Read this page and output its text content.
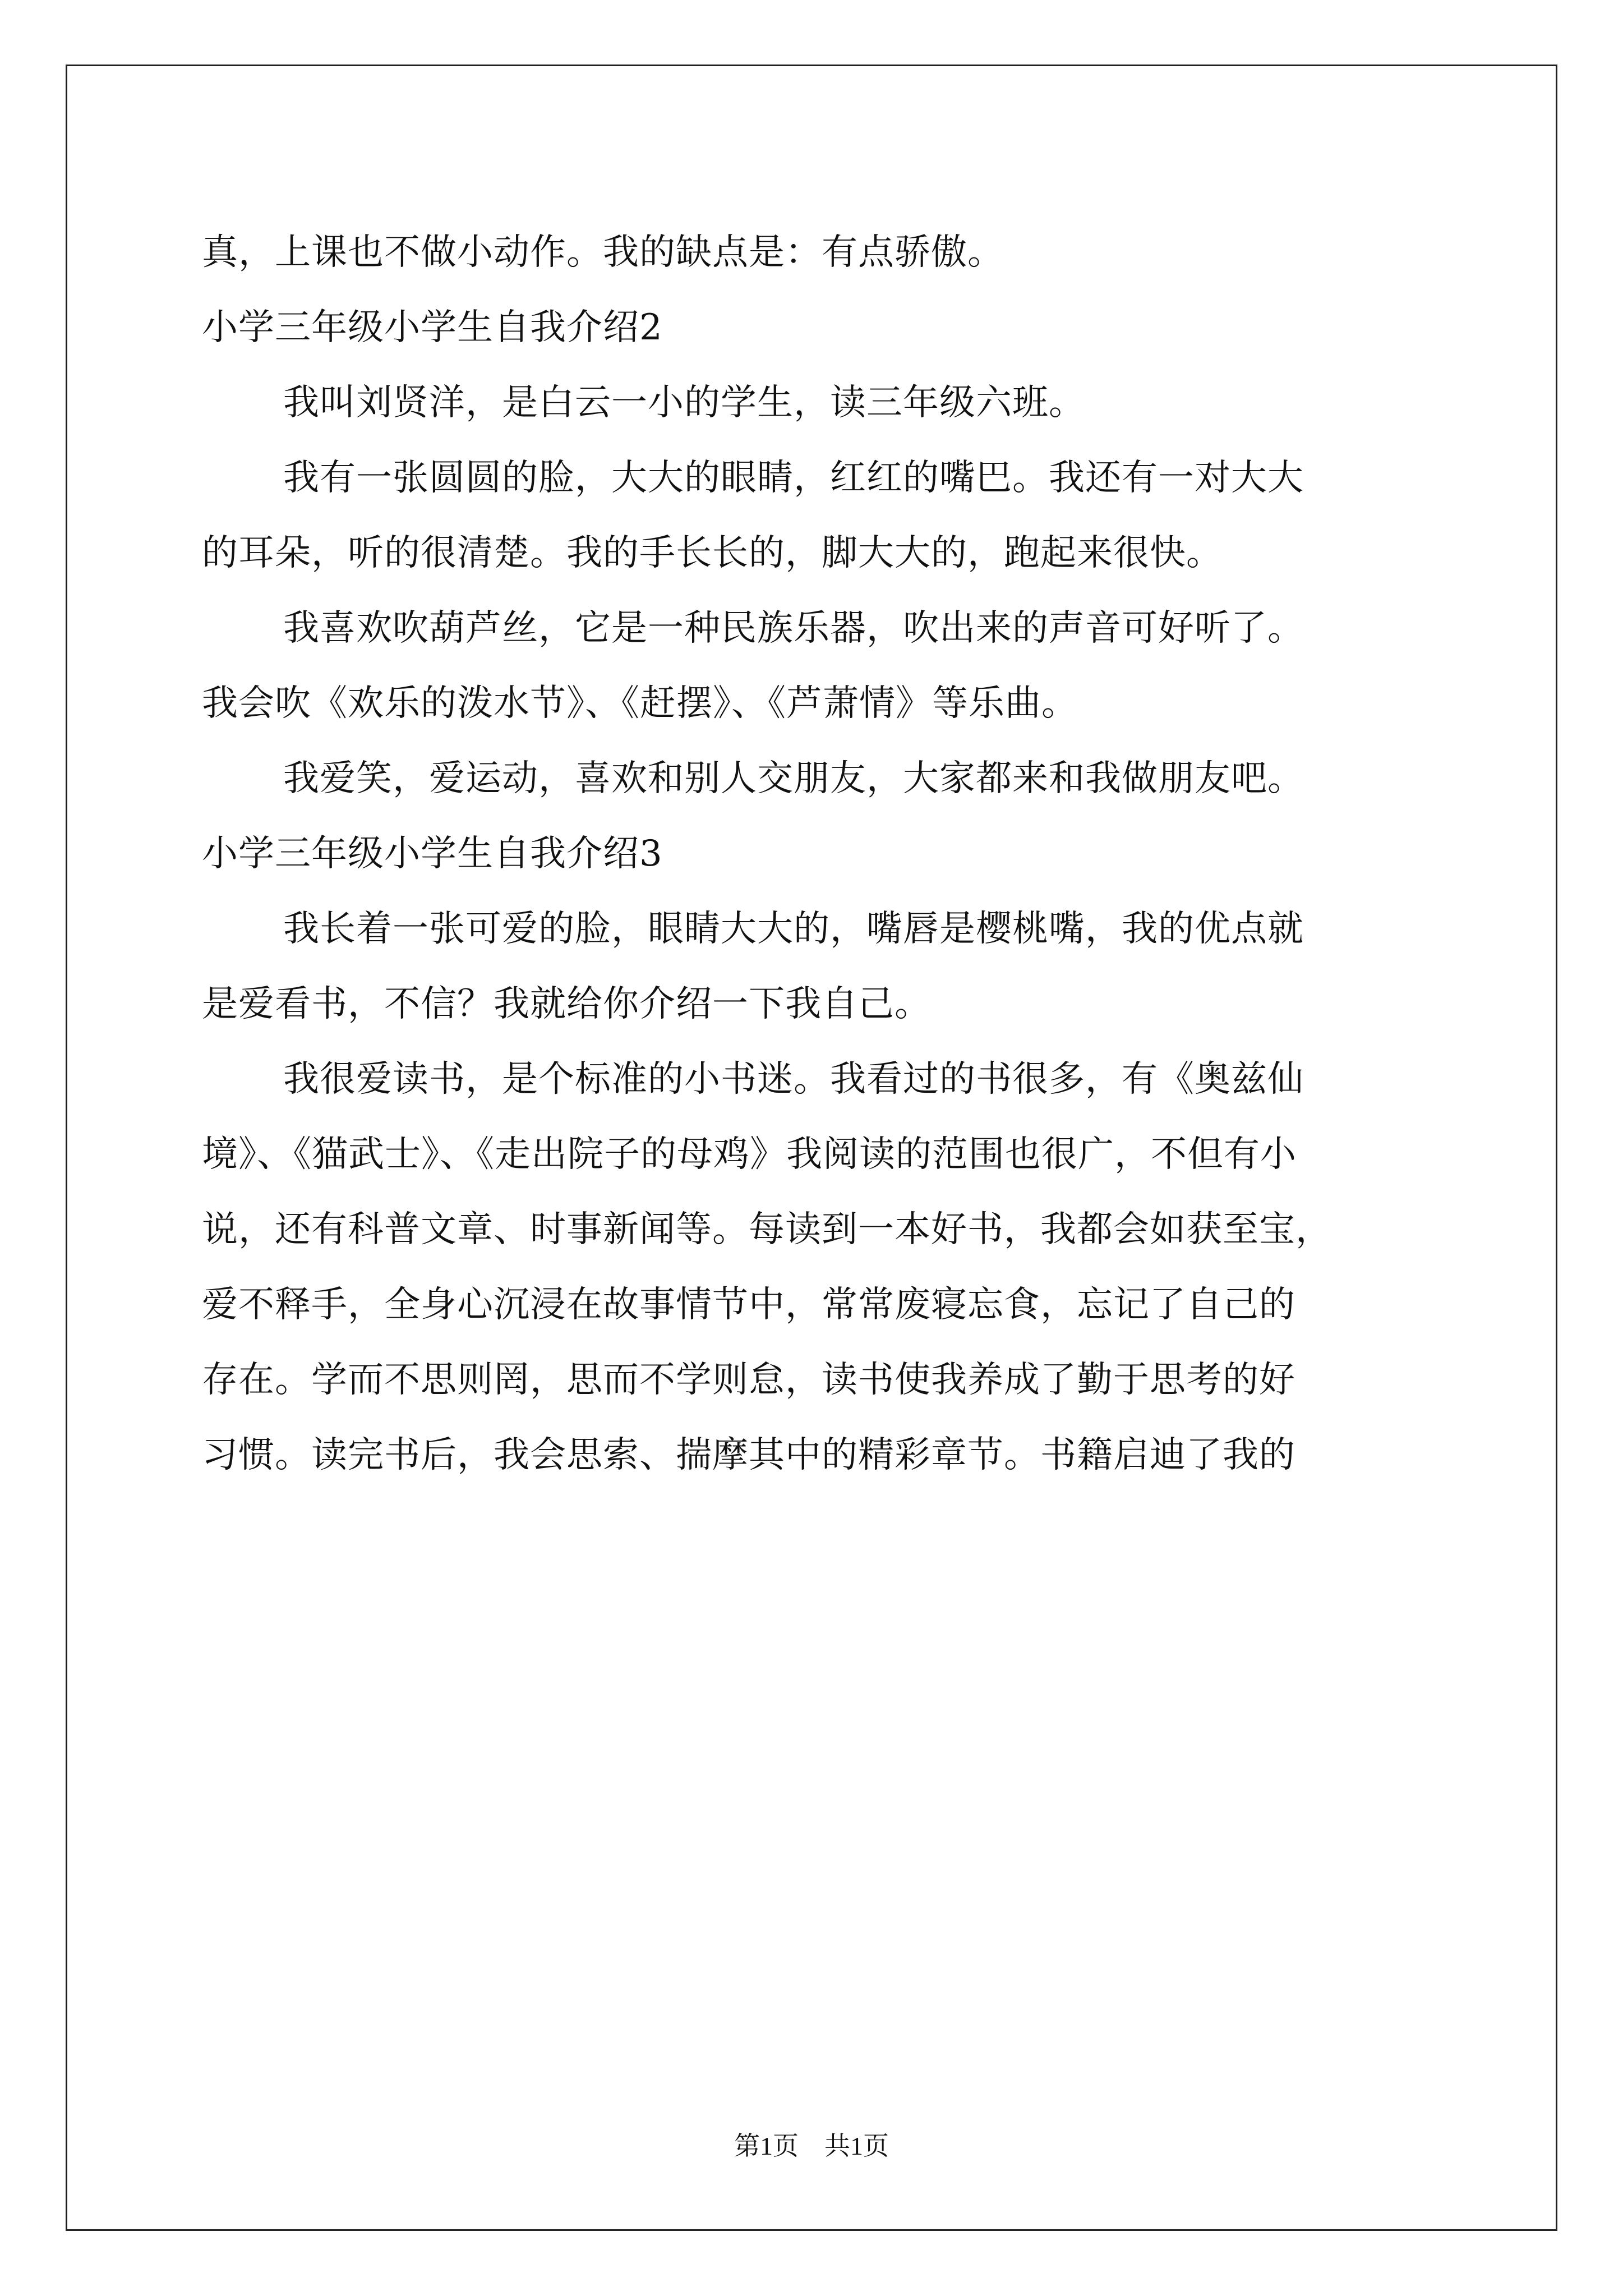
真，上课也不做小动作。我的缺点是：有点骄傲。
小学三年级小学生自我介绍2
我叫刘贤洋，是白云一小的学生，读三年级六班。
我有一张圆圆的脸，大大的眼睛，红红的嘴巴。我还有一对大大
的耳朵，听的很清楚。我的手长长的，脚大大的，跑起来很快。
我喜欢吹葫芦丝，它是一种民族乐器，吹出来的声音可好听了。
我会吹《欢乐的泼水节》、《赶摆》、《芦萧情》等乐曲。
我爱笑，爱运动，喜欢和别人交朋友，大家都来和我做朋友吧。
小学三年级小学生自我介绍3
我长着一张可爱的脸，眼睛大大的，嘴唇是樱桃嘴，我的优点就
是爱看书，不信？我就给你介绍一下我自己。
我很爱读书，是个标准的小书迷。我看过的书很多，有《奥兹仙
境》、《猫武士》、《走出院子的母鸡》我阅读的范围也很广，不但有小
说，还有科普文章、时事新闻等。每读到一本好书，我都会如获至宝，
爱不释手，全身心沉浸在故事情节中，常常废寝忘食，忘记了自己的
存在。学而不思则罔，思而不学则怠，读书使我养成了勤于思考的好
习惯。读完书后，我会思索、揣摩其中的精彩章节。书籍启迪了我的
第1页　共1页
